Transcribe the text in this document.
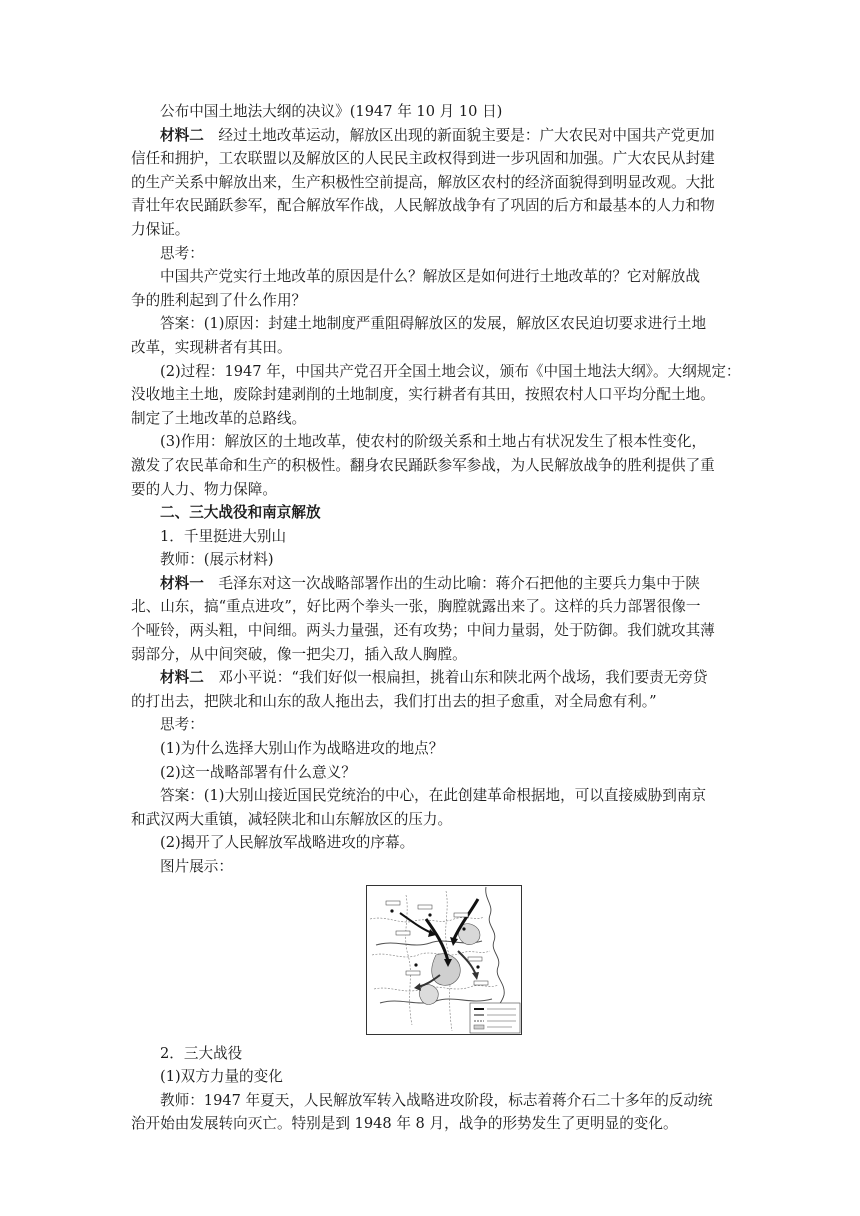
公布中国土地法大纲的决议》(1947 年 10 月 10 日)
材料二　经过土地改革运动，解放区出现的新面貌主要是：广大农民对中国共产党更加
信任和拥护，工农联盟以及解放区的人民民主政权得到进一步巩固和加强。广大农民从封建
的生产关系中解放出来，生产积极性空前提高，解放区农村的经济面貌得到明显改观。大批
青壮年农民踊跃参军，配合解放军作战，人民解放战争有了巩固的后方和最基本的人力和物
力保证。
思考：
中国共产党实行土地改革的原因是什么？解放区是如何进行土地改革的？它对解放战
争的胜利起到了什么作用？
答案：(1)原因：封建土地制度严重阻碍解放区的发展，解放区农民迫切要求进行土地
改革，实现耕者有其田。
(2)过程：1947 年，中国共产党召开全国土地会议，颁布《中国土地法大纲》。大纲规定：
没收地主土地，废除封建剥削的土地制度，实行耕者有其田，按照农村人口平均分配土地。
制定了土地改革的总路线。
(3)作用：解放区的土地改革，使农村的阶级关系和土地占有状况发生了根本性变化，
激发了农民革命和生产的积极性。翻身农民踊跃参军参战，为人民解放战争的胜利提供了重
要的人力、物力保障。
二、三大战役和南京解放
1．千里挺进大别山
教师：(展示材料)
材料一　毛泽东对这一次战略部署作出的生动比喻：蒋介石把他的主要兵力集中于陕
北、山东，搞“重点进攻”，好比两个拳头一张，胸膛就露出来了。这样的兵力部署很像一
个哑铃，两头粗，中间细。两头力量强，还有攻势；中间力量弱，处于防御。我们就攻其薄
弱部分，从中间突破，像一把尖刀，插入敌人胸膛。
材料二　邓小平说：“我们好似一根扁担，挑着山东和陕北两个战场，我们要责无旁贷
的打出去，把陕北和山东的敌人拖出去，我们打出去的担子愈重，对全局愈有利。”
思考：
(1)为什么选择大别山作为战略进攻的地点？
(2)这一战略部署有什么意义？
答案：(1)大别山接近国民党统治的中心，在此创建革命根据地，可以直接威胁到南京
和武汉两大重镇，减轻陕北和山东解放区的压力。
(2)揭开了人民解放军战略进攻的序幕。
图片展示：
2．三大战役
(1)双方力量的变化
教师：1947 年夏天，人民解放军转入战略进攻阶段，标志着蒋介石二十多年的反动统
治开始由发展转向灭亡。特别是到 1948 年 8 月，战争的形势发生了更明显的变化。
